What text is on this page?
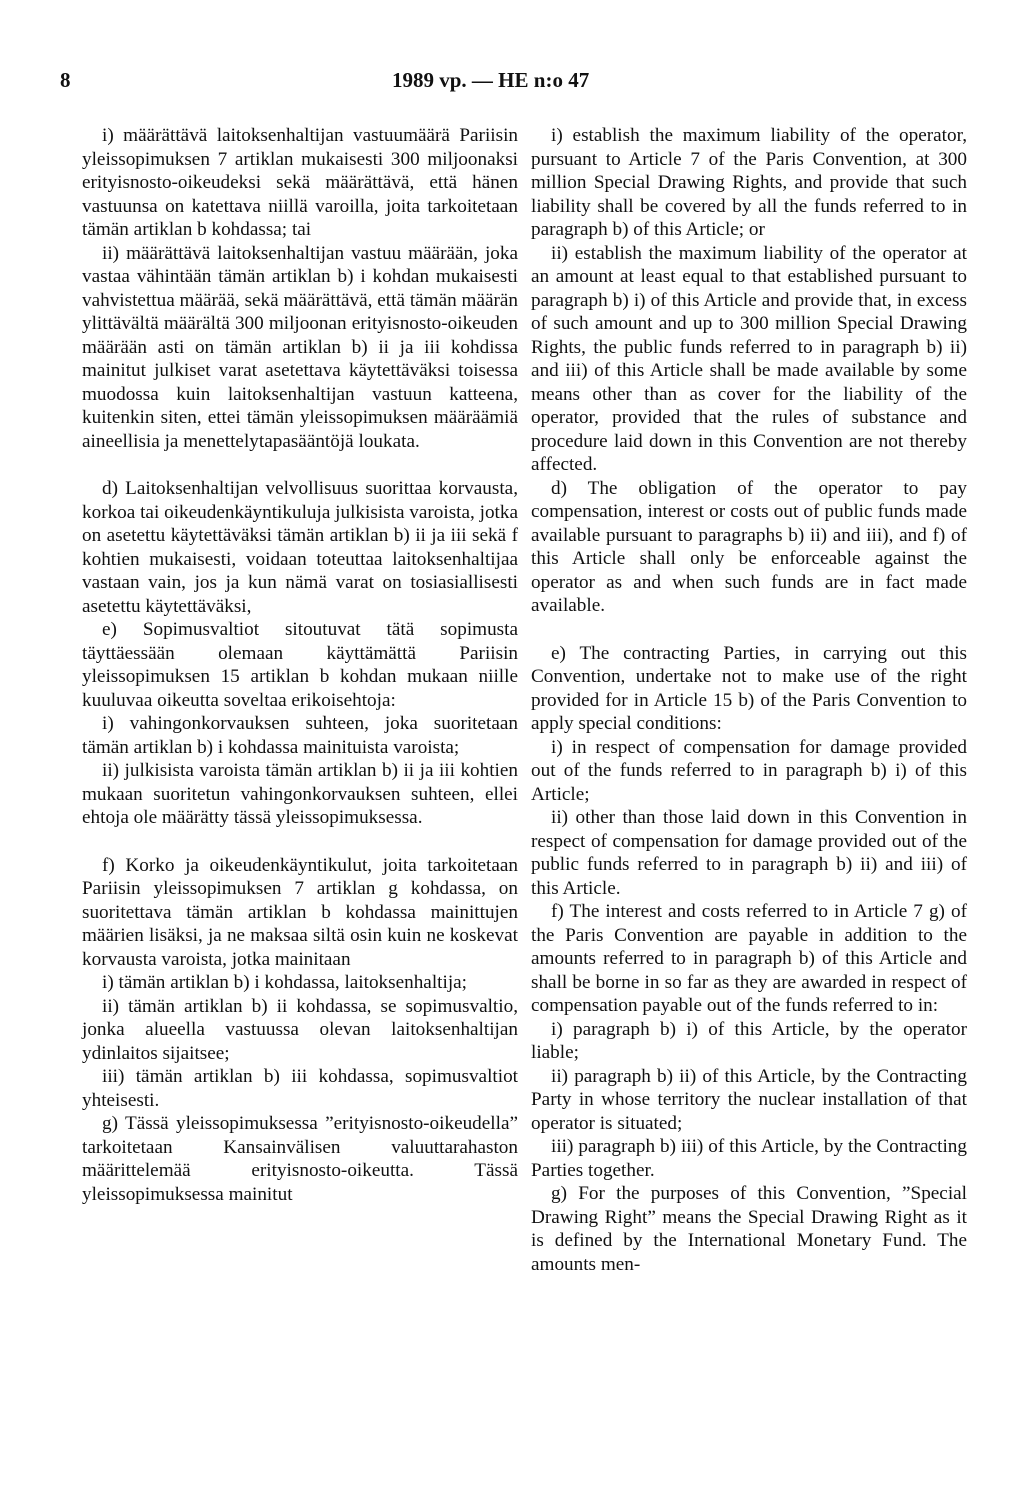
8	1989 vp. — HE n:o 47

i) määrättävä laitoksenhaltijan vastuumäärä Pariisin yleissopimuksen 7 artiklan mukaisesti 300 miljoonaksi erityisnosto-oikeudeksi sekä määrättävä, että hänen vastuunsa on katettava niillä varoilla, joita tarkoitetaan tämän artiklan b kohdassa; tai

ii) määrättävä laitoksenhaltijan vastuu määrään, joka vastaa vähintään tämän artiklan b) i kohdan mukaisesti vahvistettua määrää, sekä määrättävä, että tämän määrän ylittävältä määrältä 300 miljoonan erityisnosto-oikeuden määrään asti on tämän artiklan b) ii ja iii kohdissa mainitut julkiset varat asetettava käytettäväksi toisessa muodossa kuin laitoksenhaltijan vastuun katteena, kuitenkin siten, ettei tämän yleissopimuksen määräämiä aineellisia ja menettelytapasääntöjä loukata.

d) Laitoksenhaltijan velvollisuus suorittaa korvausta, korkoa tai oikeudenkäyntikuluja julkisista varoista, jotka on asetettu käytettäväksi tämän artiklan b) ii ja iii sekä f kohtien mukaisesti, voidaan toteuttaa laitoksenhaltijaa vastaan vain, jos ja kun nämä varat on tosiasiallisesti asetettu käytettäväksi,

e) Sopimusvaltiot sitoutuvat tätä sopimusta täyttäessään olemaan käyttämättä Pariisin yleissopimuksen 15 artiklan b kohdan mukaan niille kuuluvaa oikeutta soveltaa erikoisehtoja:

i) vahingonkorvauksen suhteen, joka suoritetaan tämän artiklan b) i kohdassa mainituista varoista;

ii) julkisista varoista tämän artiklan b) ii ja iii kohtien mukaan suoritetun vahingonkorvauksen suhteen, ellei ehtoja ole määrätty tässä yleissopimuksessa.

f) Korko ja oikeudenkäyntikulut, joita tarkoitetaan Pariisin yleissopimuksen 7 artiklan g kohdassa, on suoritettava tämän artiklan b kohdassa mainittujen määrien lisäksi, ja ne maksaa siltä osin kuin ne koskevat korvausta varoista, jotka mainitaan

i) tämän artiklan b) i kohdassa, laitoksenhaltija;

ii) tämän artiklan b) ii kohdassa, se sopimusvaltio, jonka alueella vastuussa olevan laitoksenhaltijan ydinlaitos sijaitsee;

iii) tämän artiklan b) iii kohdassa, sopimusvaltiot yhteisesti.

g) Tässä yleissopimuksessa ”erityisnosto-oikeudella” tarkoitetaan Kansainvälisen valuuttarahaston määrittelemää erityisnosto-oikeutta. Tässä yleissopimuksessa mainitut

i) establish the maximum liability of the operator, pursuant to Article 7 of the Paris Convention, at 300 million Special Drawing Rights, and provide that such liability shall be covered by all the funds referred to in paragraph b) of this Article; or

ii) establish the maximum liability of the operator at an amount at least equal to that established pursuant to paragraph b) i) of this Article and provide that, in excess of such amount and up to 300 million Special Drawing Rights, the public funds referred to in paragraph b) ii) and iii) of this Article shall be made available by some means other than as cover for the liability of the operator, provided that the rules of substance and procedure laid down in this Convention are not thereby affected.

d) The obligation of the operator to pay compensation, interest or costs out of public funds made available pursuant to paragraphs b) ii) and iii), and f) of this Article shall only be enforceable against the operator as and when such funds are in fact made available.

e) The contracting Parties, in carrying out this Convention, undertake not to make use of the right provided for in Article 15 b) of the Paris Convention to apply special conditions:

i) in respect of compensation for damage provided out of the funds referred to in paragraph b) i) of this Article;

ii) other than those laid down in this Convention in respect of compensation for damage provided out of the public funds referred to in paragraph b) ii) and iii) of this Article.

f) The interest and costs referred to in Article 7 g) of the Paris Convention are payable in addition to the amounts referred to in paragraph b) of this Article and shall be borne in so far as they are awarded in respect of compensation payable out of the funds referred to in:

i) paragraph b) i) of this Article, by the operator liable;

ii) paragraph b) ii) of this Article, by the Contracting Party in whose territory the nuclear installation of that operator is situated;

iii) paragraph b) iii) of this Article, by the Contracting Parties together.

g) For the purposes of this Convention, ”Special Drawing Right” means the Special Drawing Right as it is defined by the International Monetary Fund. The amounts men-
